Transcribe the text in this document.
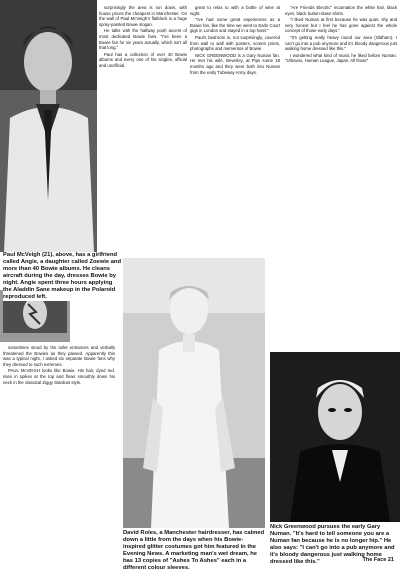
sometimes stood by the toilet entrances and verbally threatened the Bowies as they passed. Apparently this was a typical night, I asked six separate Bowie fans why they dressed to such extremes.

PAUL McVEIGH looks like Bowie. His hair, dyed red, rises in spikes at the top and flows smoothly down his neck in the classical Ziggy Stardust style.

surprisingly the area is run down, with house prices the cheapest in Manchester. On the wall of Paul McVeigh's flatblock is a huge spray-painted Bowie slogan.

He talks with the halfway posh accent of most dedicated Bowie fans. "I've been a Bowie fan for six years actually, which isn't all that long."

Paul has a collection of over 40 Bowie albums and every one of his singles, official and unofficial.

great to relax to with a bottle of wine at night.

"I've had some great experiences as a Bowie fan, like the time we went to Earls Court gigs in London and stayed in a top hotel."

Paul's bedroom is, not surprisingly, covered from wall to wall with posters, screen prints, photographs and mementos of Bowie.

NICK GREENWOOD is a Gary Numan fan. He met his wife, Beverley, at Pips some 18 months ago and they were both into Numan from the early Tubeway Army days.

"Are Friends Electric" incarnation the white hair, black eyes, black button-down shirts.

"I liked Numan at first because he was quiet, shy and very honest but I feel he has gone against the whole concept of those early days."

"It's getting really heavy round our area (Oldham). I can't go into a pub anymore and it's bloody dangerous just walking home dressed like this."

I wondered what kind of music he liked before Numan. "Ultravox, Human League, Japan. All those"

Paul McVeigh (21), above, has a girlfriend called Angie, a daughter called Zoewie and more than 40 Bowie albums. He cleans aircraft during the day, dresses Bowie by night. Angie spent three hours applying the Aladdin Sane makeup in the Polaroid reproduced left.
David Roles, a Manchester hairdresser, has calmed down a little from the days when his Bowie-inspired glitter costumes got him featured in the Evening News. A marketing man's wet dream, he has 13 copies of "Ashes To Ashes" each in a different colour sleeves.
Nick Greenwood pursues the early Gary Numan. "It's hard to tell someone you are a Numan fan because he is no longer hip." He also says: "I can't go into a pub anymore and it's bloody dangerous just walking home dressed like this."	The Face 21
